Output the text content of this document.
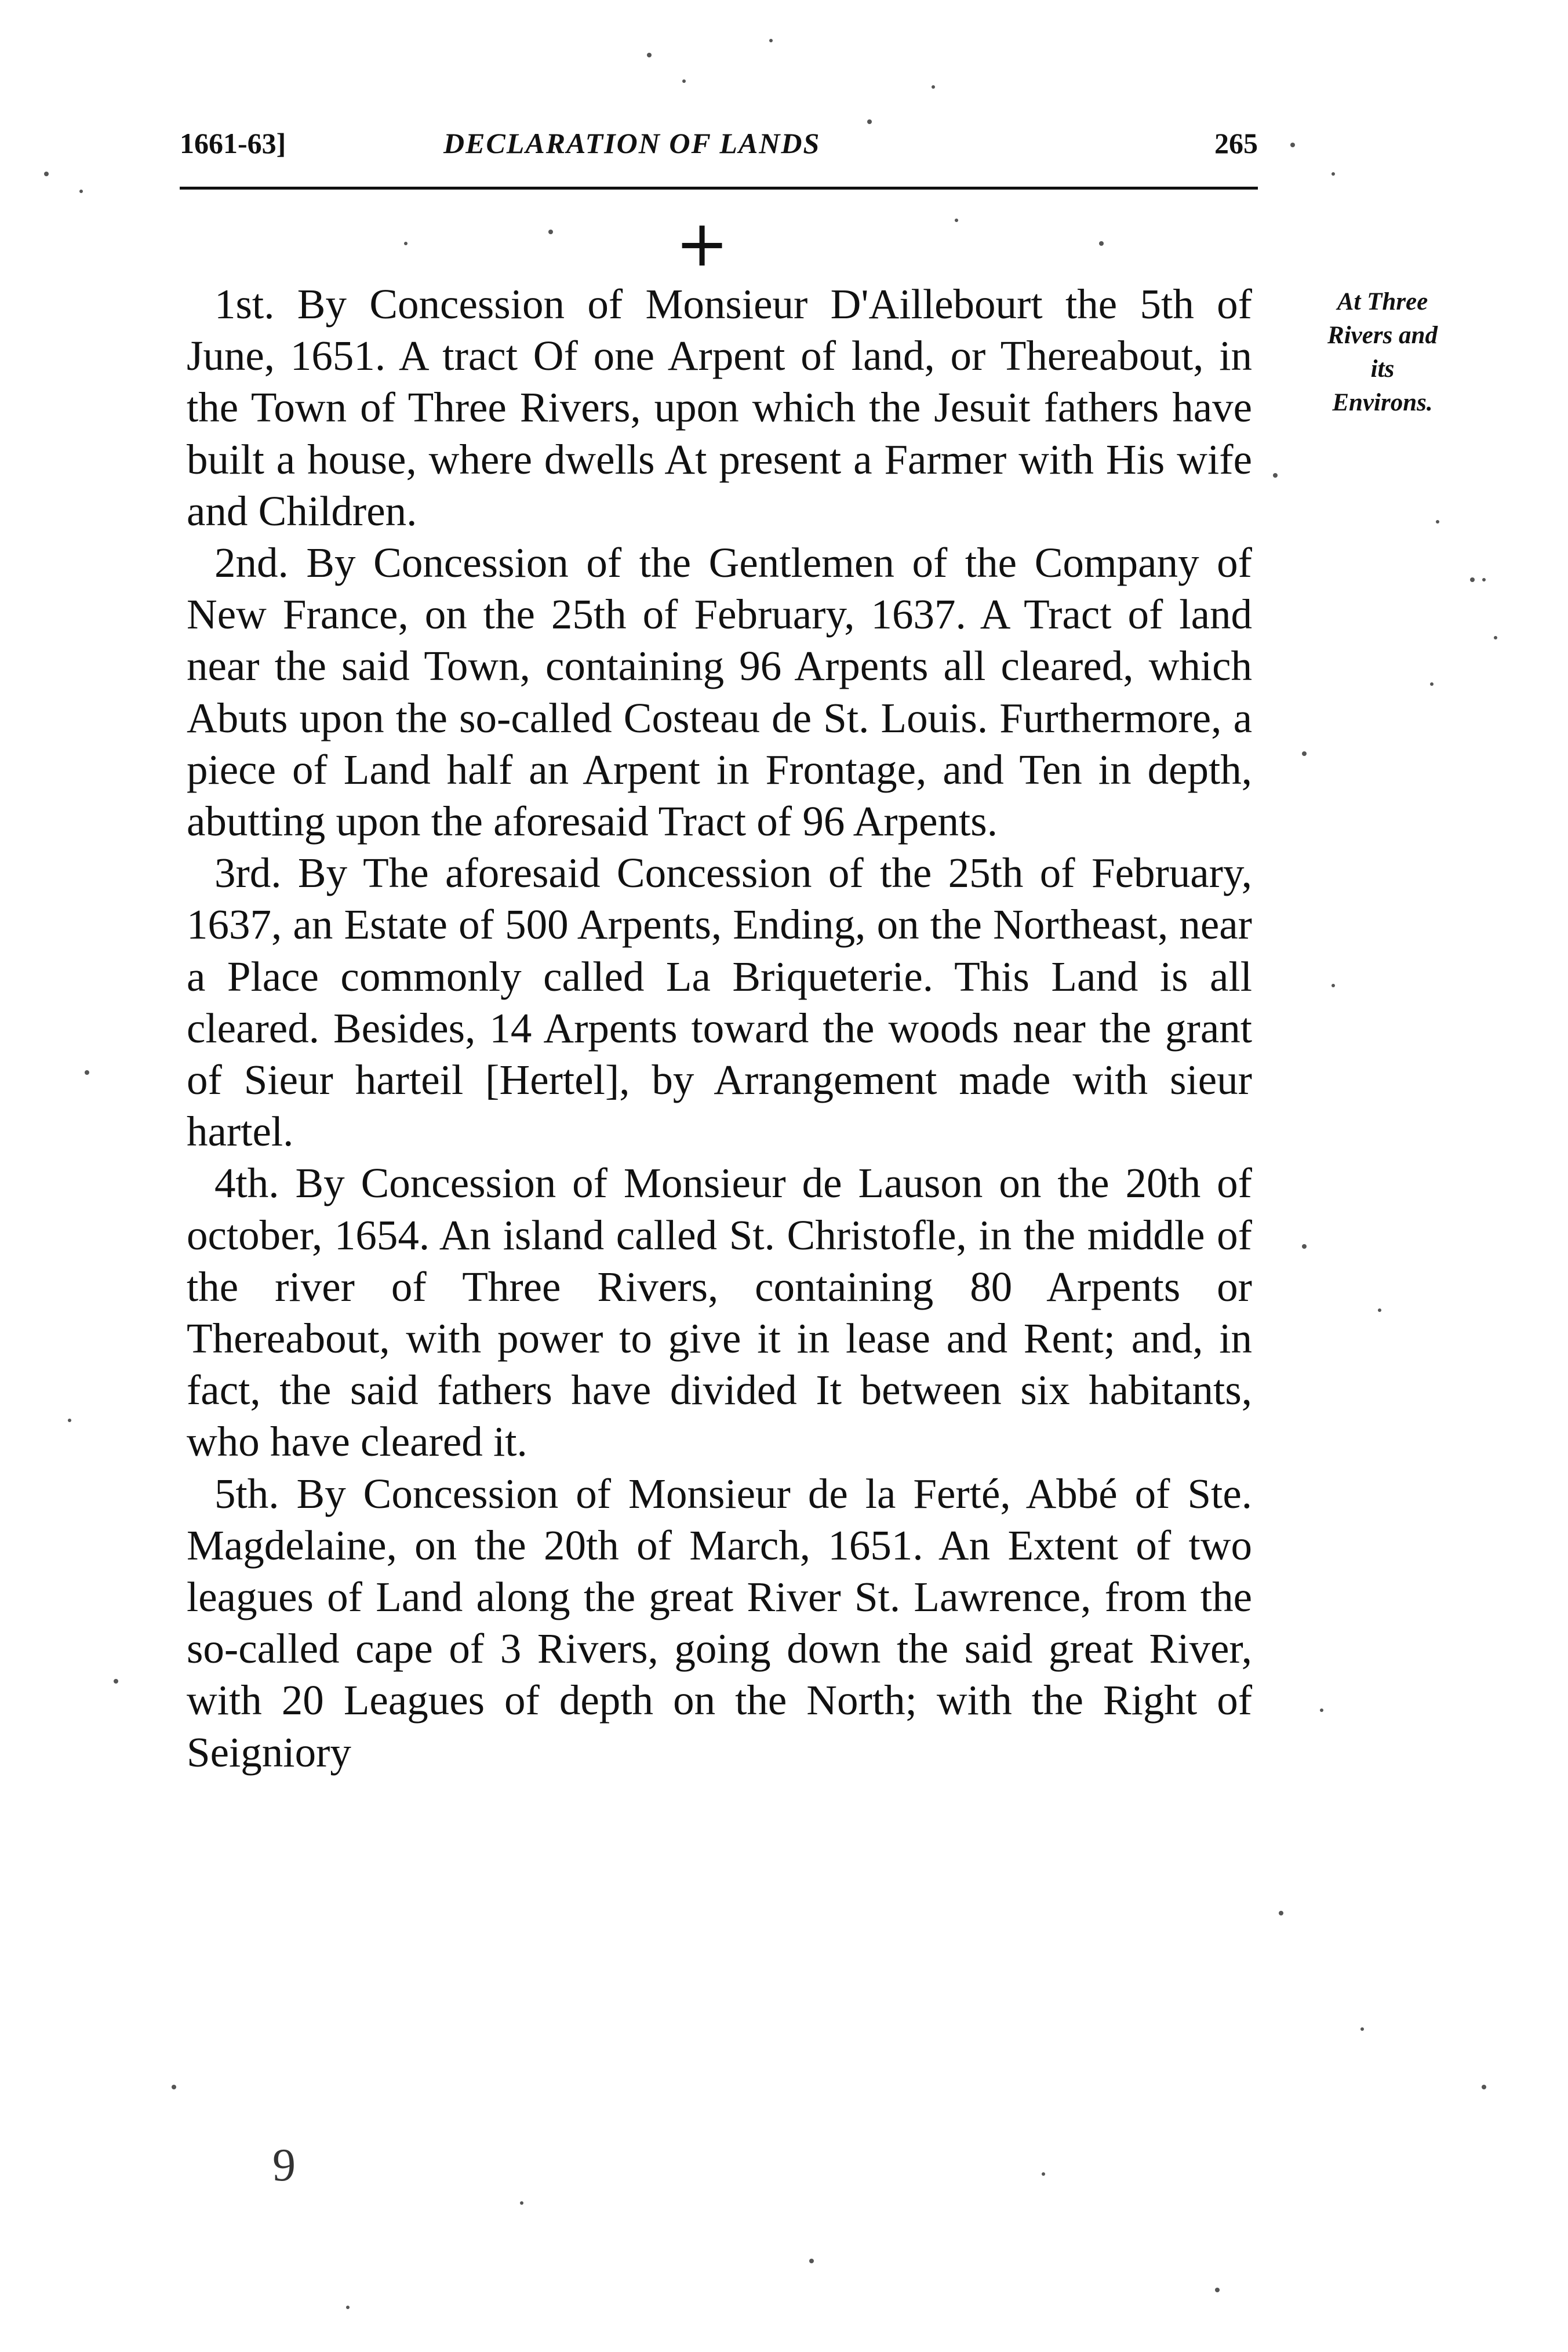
1661-63]	DECLARATION OF LANDS	265
+

1st. By Concession of Monsieur D'Aillebourt the 5th of June, 1651. A tract Of one Arpent of land, or Thereabout, in the Town of Three Rivers, upon which the Jesuit fathers have built a house, where dwells At present a Farmer with His wife and Children.

2nd. By Concession of the Gentlemen of the Company of New France, on the 25th of February, 1637. A Tract of land near the said Town, containing 96 Arpents all cleared, which Abuts upon the so-called Costeau de St. Louis. Furthermore, a piece of Land half an Arpent in Frontage, and Ten in depth, abutting upon the aforesaid Tract of 96 Arpents.

3rd. By The aforesaid Concession of the 25th of February, 1637, an Estate of 500 Arpents, Ending, on the Northeast, near a Place commonly called La Briqueterie. This Land is all cleared. Besides, 14 Arpents toward the woods near the grant of Sieur harteil [Hertel], by Arrangement made with sieur hartel.

4th. By Concession of Monsieur de Lauson on the 20th of october, 1654. An island called St. Christofle, in the middle of the river of Three Rivers, containing 80 Arpents or Thereabout, with power to give it in lease and Rent; and, in fact, the said fathers have divided It between six habitants, who have cleared it.

5th. By Concession of Monsieur de la Ferté, Abbé of Ste. Magdelaine, on the 20th of March, 1651. An Extent of two leagues of Land along the great River St. Lawrence, from the so-called cape of 3 Rivers, going down the said great River, with 20 Leagues of depth on the North; with the Right of Seigniory

At Three
Rivers and
its
Environs.
9
